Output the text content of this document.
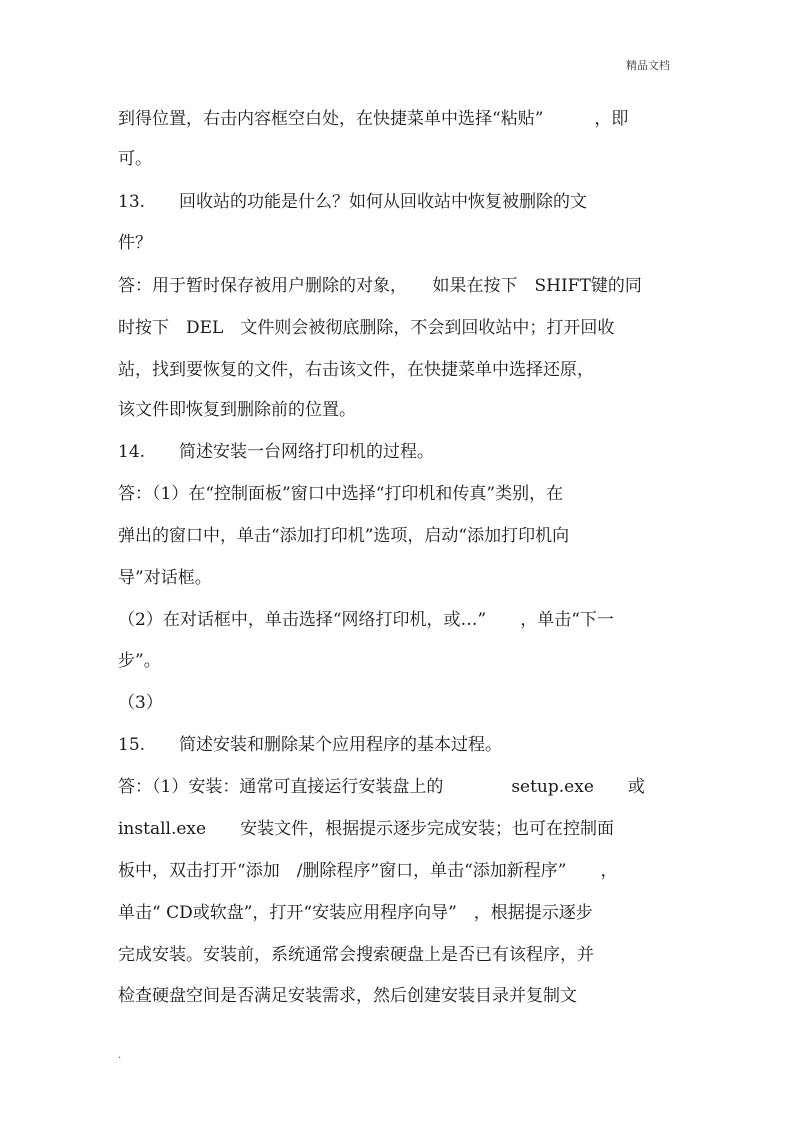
精品文档
到得位置，右击内容框空白处，在快捷菜单中选择“粘贴”　　　，即
可。
13.　　回收站的功能是什么？如何从回收站中恢复被删除的文
件？
答：用于暂时保存被用户删除的对象，　　如果在按下　SHIFT键的同
时按下　DEL　文件则会被彻底删除，不会到回收站中；打开回收
站，找到要恢复的文件，右击该文件，在快捷菜单中选择还原，
该文件即恢复到删除前的位置。
14.　　简述安装一台网络打印机的过程。
答：（1）在“控制面板”窗口中选择“打印机和传真”类别，在
弹出的窗口中，单击“添加打印机”选项，启动“添加打印机向
导”对话框。
（2）在对话框中，单击选择“网络打印机，或…”　　，单击“下一
步”。
（3）
15.　　简述安装和删除某个应用程序的基本过程。
答：（1）安装：通常可直接运行安装盘上的　　　　setup.exe　　或
install.exe　　安装文件，根据提示逐步完成安装；也可在控制面
板中，双击打开“添加　/删除程序”窗口，单击“添加新程序”　　，
单击“ CD或软盘”，打开“安装应用程序向导”　，根据提示逐步
完成安装。安装前，系统通常会搜索硬盘上是否已有该程序，并
检查硬盘空间是否满足安装需求，然后创建安装目录并复制文
.
